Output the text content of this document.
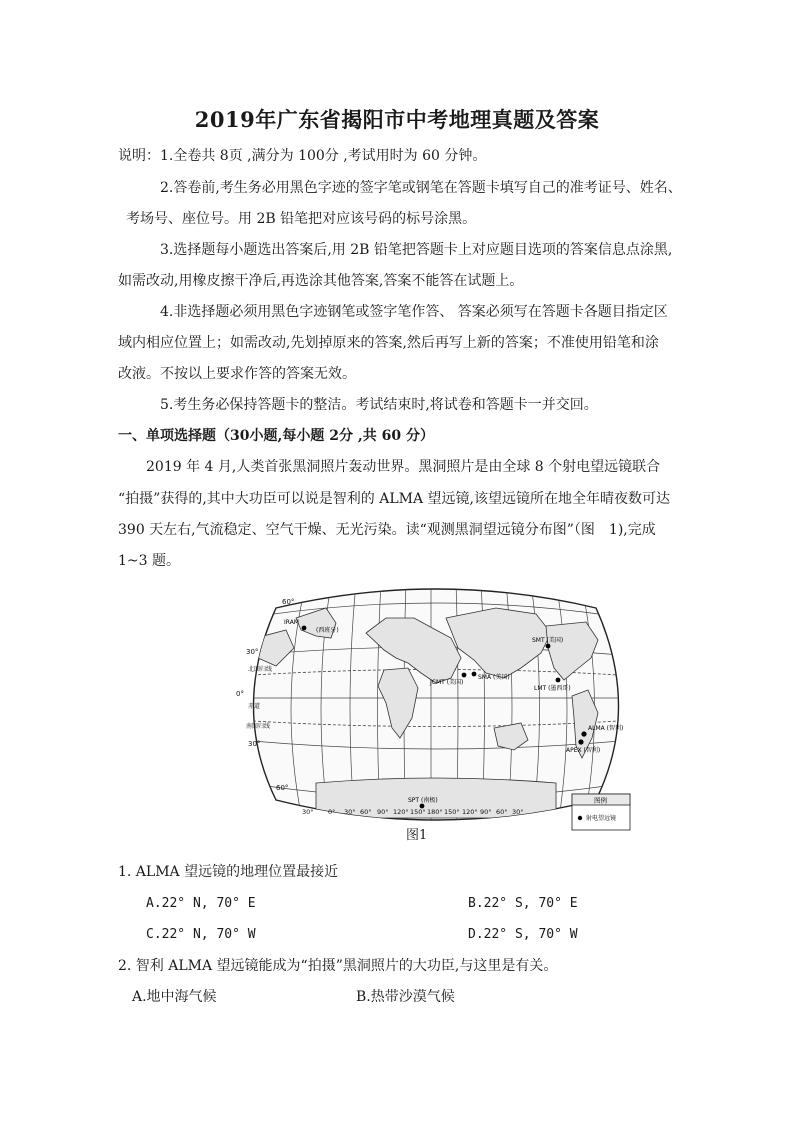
2019年广东省揭阳市中考地理真题及答案
说明：1.全卷共 8页 ,满分为 100分 ,考试用时为 60 分钟。
2.答卷前,考生务必用黑色字迹的签字笔或钢笔在答题卡填写自己的准考证号、姓名、
考场号、座位号。用 2B 铅笔把对应该号码的标号涂黑。
3.选择题每小题选出答案后,用 2B 铅笔把答题卡上对应题目选项的答案信息点涂黑,
如需改动,用橡皮擦干净后,再选涂其他答案,答案不能答在试题上。
4.非选择题必须用黑色字迹钢笔或签字笔作答、 答案必须写在答题卡各题目指定区
域内相应位置上；如需改动,先划掉原来的答案,然后再写上新的答案；不准使用铅笔和涂
改液。不按以上要求作答的答案无效。
5.考生务必保持答题卡的整洁。考试结束时,将试卷和答题卡一并交回。
一、单项选择题（30小题,每小题 2分 ,共 60 分）
2019 年 4 月,人类首张黑洞照片轰动世界。黑洞照片是由全球 8 个射电望远镜联合
“拍摄”获得的,其中大功臣可以说是智利的 ALMA 望远镜,该望远镜所在地全年晴夜数可达
390 天左右,气流稳定、空气干燥、无光污染。读“观测黑洞望远镜分布图”（图　1),完成
1~3 题。
60°
30°
0°
30°
60°
北回归线
赤道
南回归线
30° 0° 30° 60° 90° 120° 150° 180° 150° 120° 90° 60° 30°
IRAM
(西班牙)
SMT (美国)
JCMT (美国)
SMA (美国)
LMT (墨西哥)
ALMA (智利)
APEX (智利)
SPT (南极)	图例
射电望远镜
图1
1. ALMA 望远镜的地理位置最接近
A.22° N, 70° E	B.22° S, 70° E
C.22° N, 70° W	D.22° S, 70° W
2. 智利 ALMA 望远镜能成为“拍摄”黑洞照片的大功臣,与这里是有关。
A.地中海气候	B.热带沙漠气候
